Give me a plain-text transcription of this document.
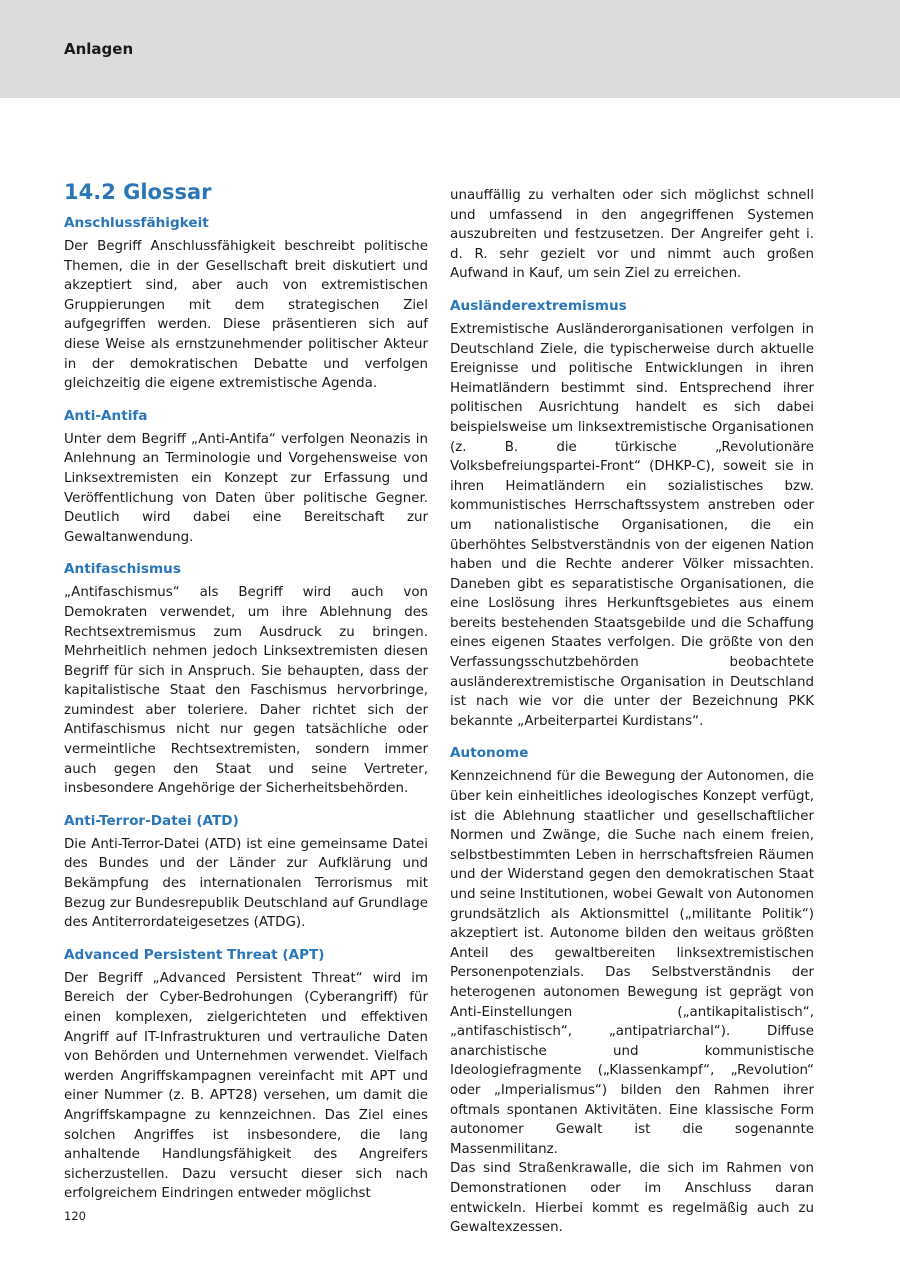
Anlagen
14.2 Glossar
Anschlussfähigkeit

Der Begriff Anschlussfähigkeit beschreibt politische Themen, die in der Gesellschaft breit diskutiert und akzeptiert sind, aber auch von extremistischen Gruppierungen mit dem strategischen Ziel aufgegriffen werden. Diese präsentieren sich auf diese Weise als ernstzunehmender politischer Akteur in der demokratischen Debatte und verfolgen gleichzeitig die eigene extremistische Agenda.

Anti-Antifa

Unter dem Begriff „Anti-Antifa“ verfolgen Neonazis in Anlehnung an Terminologie und Vorgehensweise von Linksextremisten ein Konzept zur Erfassung und Veröffentlichung von Daten über politische Gegner. Deutlich wird dabei eine Bereitschaft zur Gewaltanwendung.

Antifaschismus

„Antifaschismus“ als Begriff wird auch von Demokraten verwendet, um ihre Ablehnung des Rechtsextremismus zum Ausdruck zu bringen. Mehrheitlich nehmen jedoch Linksextremisten diesen Begriff für sich in Anspruch. Sie behaupten, dass der kapitalistische Staat den Faschismus hervorbringe, zumindest aber toleriere. Daher richtet sich der Antifaschismus nicht nur gegen tatsächliche oder vermeintliche Rechtsextremisten, sondern immer auch gegen den Staat und seine Vertreter, insbesondere Angehörige der Sicherheitsbehörden.

Anti-Terror-Datei (ATD)

Die Anti-Terror-Datei (ATD) ist eine gemeinsame Datei des Bundes und der Länder zur Aufklärung und Bekämpfung des internationalen Terrorismus mit Bezug zur Bundesrepublik Deutschland auf Grundlage des Antiterrordateigesetzes (ATDG).

Advanced Persistent Threat (APT)

Der Begriff „Advanced Persistent Threat“ wird im Bereich der Cyber-Bedrohungen (Cyberangriff) für einen komplexen, zielgerichteten und effektiven Angriff auf IT-Infrastrukturen und vertrauliche Daten von Behörden und Unternehmen verwendet. Vielfach werden Angriffskampagnen vereinfacht mit APT und einer Nummer (z. B. APT28) versehen, um damit die Angriffskampagne zu kennzeichnen. Das Ziel eines solchen Angriffes ist insbesondere, die lang anhaltende Handlungsfähigkeit des Angreifers sicherzustellen. Dazu versucht dieser sich nach erfolgreichem Eindringen entweder möglichst

unauffällig zu verhalten oder sich möglichst schnell und umfassend in den angegriffenen Systemen auszubreiten und festzusetzen. Der Angreifer geht i. d. R. sehr gezielt vor und nimmt auch großen Aufwand in Kauf, um sein Ziel zu erreichen.

Ausländerextremismus

Extremistische Ausländerorganisationen verfolgen in Deutschland Ziele, die typischerweise durch aktuelle Ereignisse und politische Entwicklungen in ihren Heimatländern bestimmt sind. Entsprechend ihrer politischen Ausrichtung handelt es sich dabei beispielsweise um linksextremistische Organisationen (z. B. die türkische „Revolutionäre Volksbefreiungspartei-Front“ (DHKP-C), soweit sie in ihren Heimatländern ein sozialistisches bzw. kommunistisches Herrschaftssystem anstreben oder um nationalistische Organisationen, die ein überhöhtes Selbstverständnis von der eigenen Nation haben und die Rechte anderer Völker missachten. Daneben gibt es separatistische Organisationen, die eine Loslösung ihres Herkunftsgebietes aus einem bereits bestehenden Staatsgebilde und die Schaffung eines eigenen Staates verfolgen. Die größte von den Verfassungsschutzbehörden beobachtete ausländerextremistische Organisation in Deutschland ist nach wie vor die unter der Bezeichnung PKK bekannte „Arbeiterpartei Kurdistans“.

Autonome

Kennzeichnend für die Bewegung der Autonomen, die über kein einheitliches ideologisches Konzept verfügt, ist die Ablehnung staatlicher und gesellschaftlicher Normen und Zwänge, die Suche nach einem freien, selbstbestimmten Leben in herrschaftsfreien Räumen und der Widerstand gegen den demokratischen Staat und seine Institutionen, wobei Gewalt von Autonomen grundsätzlich als Aktionsmittel („militante Politik“) akzeptiert ist. Autonome bilden den weitaus größten Anteil des gewaltbereiten linksextremistischen Personenpotenzials. Das Selbstverständnis der heterogenen autonomen Bewegung ist geprägt von Anti-Einstellungen („antikapitalistisch“, „antifaschistisch“, „antipatriarchal“). Diffuse anarchistische und kommunistische Ideologiefragmente („Klassenkampf“, „Revolution“ oder „Imperialismus“) bilden den Rahmen ihrer oftmals spontanen Aktivitäten. Eine klassische Form autonomer Gewalt ist die sogenannte Massenmilitanz.

Das sind Straßenkrawalle, die sich im Rahmen von Demonstrationen oder im Anschluss daran entwickeln. Hierbei kommt es regelmäßig auch zu Gewaltexzessen.

120
